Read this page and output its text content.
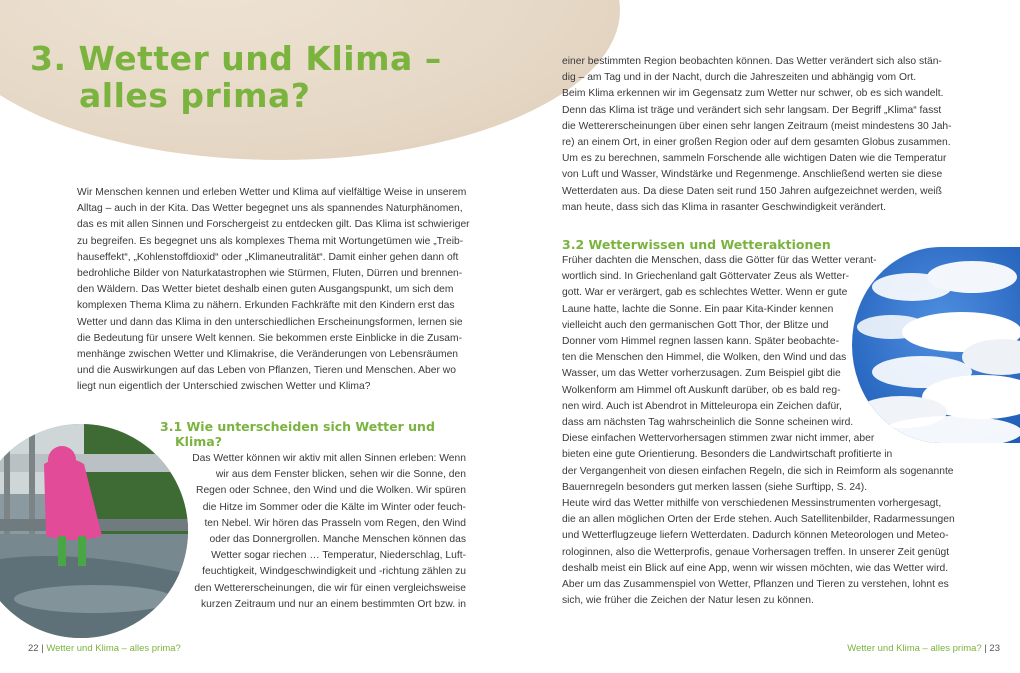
3. Wetter und Klima –
alles prima?

Wir Menschen kennen und erleben Wetter und Klima auf vielfältige Weise in unserem

Alltag – auch in der Kita. Das Wetter begegnet uns als spannendes Naturphänomen,

das es mit allen Sinnen und Forschergeist zu entdecken gilt. Das Klima ist schwieriger

zu begreifen. Es begegnet uns als komplexes Thema mit Wortungetümen wie „Treib-

hauseffekt“, „Kohlenstoffdioxid“ oder „Klimaneutralität“. Damit einher gehen dann oft

bedrohliche Bilder von Naturkatastrophen wie Stürmen, Fluten, Dürren und brennen-

den Wäldern. Das Wetter bietet deshalb einen guten Ausgangspunkt, um sich dem

komplexen Thema Klima zu nähern. Erkunden Fachkräfte mit den Kindern erst das

Wetter und dann das Klima in den unterschiedlichen Erscheinungsformen, lernen sie

die Bedeutung für unsere Welt kennen. Sie bekommen erste Einblicke in die Zusam-

menhänge zwischen Wetter und Klimakrise, die Veränderungen von Lebensräumen

und die Auswirkungen auf das Leben von Pflanzen, Tieren und Menschen. Aber wo

liegt nun eigentlich der Unterschied zwischen Wetter und Klima?

3.1 Wie unterscheiden sich Wetter und
Klima?

Das Wetter können wir aktiv mit allen Sinnen erleben: Wenn

wir aus dem Fenster blicken, sehen wir die Sonne, den

Regen oder Schnee, den Wind und die Wolken. Wir spüren

die Hitze im Sommer oder die Kälte im Winter oder feuch-

ten Nebel. Wir hören das Prasseln vom Regen, den Wind

oder das Donnergrollen. Manche Menschen können das

Wetter sogar riechen … Temperatur, Niederschlag, Luft-

feuchtigkeit, Windgeschwindigkeit und -richtung zählen zu

den Wettererscheinungen, die wir für einen vergleichsweise

kurzen Zeitraum und nur an einem bestimmten Ort bzw. in

22 | Wetter und Klima – alles prima?

einer bestimmten Region beobachten können. Das Wetter verändert sich also stän-

dig – am Tag und in der Nacht, durch die Jahreszeiten und abhängig vom Ort.

Beim Klima erkennen wir im Gegensatz zum Wetter nur schwer, ob es sich wandelt.

Denn das Klima ist träge und verändert sich sehr langsam. Der Begriff „Klima“ fasst

die Wettererscheinungen über einen sehr langen Zeitraum (meist mindestens 30 Jah-

re) an einem Ort, in einer großen Region oder auf dem gesamten Globus zusammen.

Um es zu berechnen, sammeln Forschende alle wichtigen Daten wie die Temperatur

von Luft und Wasser, Windstärke und Regenmenge. Anschließend werten sie diese

Wetterdaten aus. Da diese Daten seit rund 150 Jahren aufgezeichnet werden, weiß

man heute, dass sich das Klima in rasanter Geschwindigkeit verändert.

3.2 Wetterwissen und Wetteraktionen

Früher dachten die Menschen, dass die Götter für das Wetter verant-

wortlich sind. In Griechenland galt Göttervater Zeus als Wetter-

gott. War er verärgert, gab es schlechtes Wetter. Wenn er gute

Laune hatte, lachte die Sonne. Ein paar Kita-Kinder kennen

vielleicht auch den germanischen Gott Thor, der Blitze und

Donner vom Himmel regnen lassen kann. Später beobachte-

ten die Menschen den Himmel, die Wolken, den Wind und das

Wasser, um das Wetter vorherzusagen. Zum Beispiel gibt die

Wolkenform am Himmel oft Auskunft darüber, ob es bald reg-

nen wird. Auch ist Abendrot in Mitteleuropa ein Zeichen dafür,

dass am nächsten Tag wahrscheinlich die Sonne scheinen wird.

Diese einfachen Wettervorhersagen stimmen zwar nicht immer, aber

bieten eine gute Orientierung. Besonders die Landwirtschaft profitierte in

der Vergangenheit von diesen einfachen Regeln, die sich in Reimform als sogenannte

Bauernregeln besonders gut merken lassen (siehe Surftipp, S. 24).

Heute wird das Wetter mithilfe von verschiedenen Messinstrumenten vorhergesagt,

die an allen möglichen Orten der Erde stehen. Auch Satellitenbilder, Radarmessungen

und Wetterflugzeuge liefern Wetterdaten. Dadurch können Meteorologen und Meteo-

rologinnen, also die Wetterprofis, genaue Vorhersagen treffen. In unserer Zeit genügt

deshalb meist ein Blick auf eine App, wenn wir wissen möchten, wie das Wetter wird.

Aber um das Zusammenspiel von Wetter, Pflanzen und Tieren zu verstehen, lohnt es

sich, wie früher die Zeichen der Natur lesen zu können.

Wetter und Klima – alles prima? | 23
